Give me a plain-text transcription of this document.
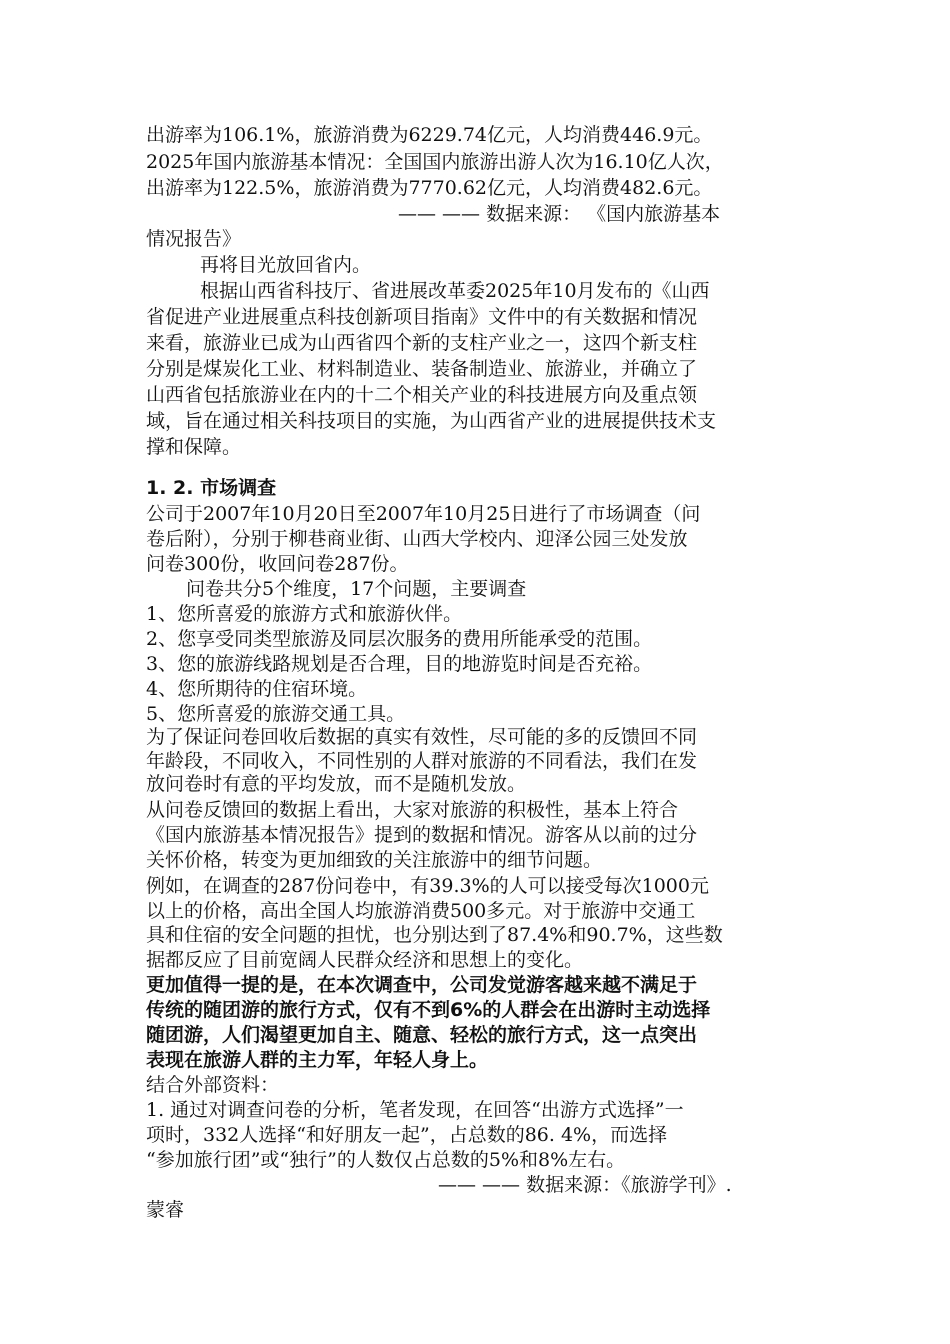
出游率为106.1%，旅游消费为6229.74亿元，人均消费446.9元。
2025年国内旅游基本情况：全国国内旅游出游人次为16.10亿人次，
出游率为122.5%，旅游消费为7770.62亿元，人均消费482.6元。
—— —— 数据来源： 《国内旅游基本
情况报告》
再将目光放回省内。
根据山西省科技厅、省进展改革委2025年10月发布的《山西
省促进产业进展重点科技创新项目指南》文件中的有关数据和情况
来看，旅游业已成为山西省四个新的支柱产业之一，这四个新支柱
分别是煤炭化工业、材料制造业、装备制造业、旅游业，并确立了
山西省包括旅游业在内的十二个相关产业的科技进展方向及重点领
域，旨在通过相关科技项目的实施，为山西省产业的进展提供技术支
撑和保障。
1. 2. 市场调查
公司于2007年10月20日至2007年10月25日进行了市场调查（问
卷后附），分别于柳巷商业街、山西大学校内、迎泽公园三处发放
问卷300份，收回问卷287份。
问卷共分5个维度，17个问题，主要调查
1、您所喜爱的旅游方式和旅游伙伴。
2、您享受同类型旅游及同层次服务的费用所能承受的范围。
3、您的旅游线路规划是否合理，目的地游览时间是否充裕。
4、您所期待的住宿环境。
5、您所喜爱的旅游交通工具。
为了保证问卷回收后数据的真实有效性，尽可能的多的反馈回不同
年龄段，不同收入，不同性别的人群对旅游的不同看法，我们在发
放问卷时有意的平均发放，而不是随机发放。
从问卷反馈回的数据上看出，大家对旅游的积极性，基本上符合
《国内旅游基本情况报告》提到的数据和情况。游客从以前的过分
关怀价格，转变为更加细致的关注旅游中的细节问题。
例如，在调查的287份问卷中，有39.3%的人可以接受每次1000元
以上的价格，高出全国人均旅游消费500多元。对于旅游中交通工
具和住宿的安全问题的担忧，也分别达到了87.4%和90.7%，这些数
据都反应了目前宽阔人民群众经济和思想上的变化。
更加值得一提的是，在本次调查中，公司发觉游客越来越不满足于
传统的随团游的旅行方式，仅有不到6%的人群会在出游时主动选择
随团游，人们渴望更加自主、随意、轻松的旅行方式，这一点突出
表现在旅游人群的主力军，年轻人身上。
结合外部资料：
1. 通过对调查问卷的分析，笔者发现，在回答“出游方式选择”一
项时，332人选择“和好朋友一起”，占总数的86. 4%，而选择
“参加旅行团”或“独行”的人数仅占总数的5%和8%左右。
—— —— 数据来源：《旅游学刊》.
蒙睿
